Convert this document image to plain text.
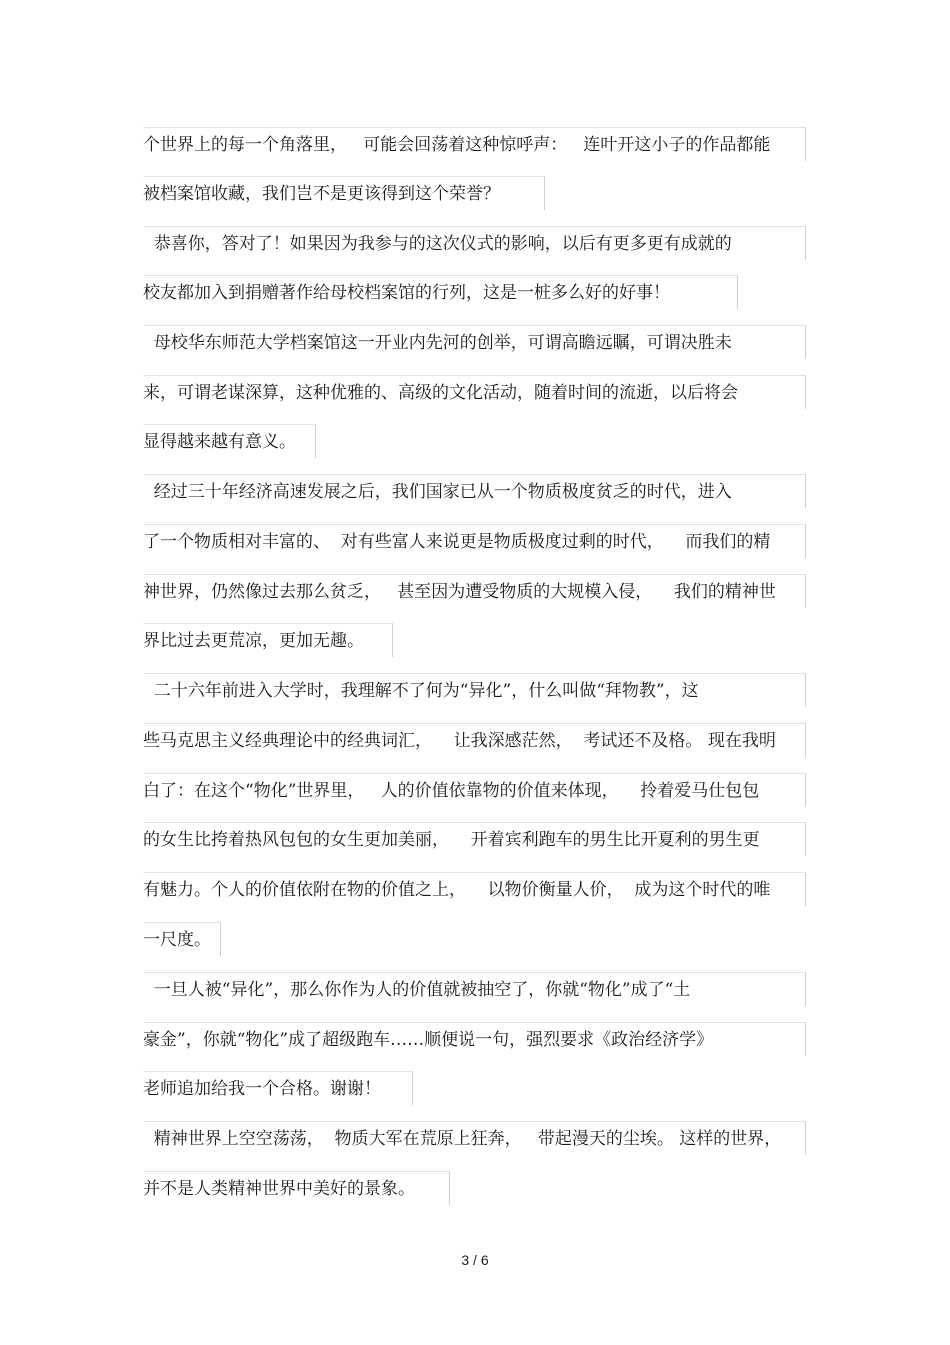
个世界上的每一个角落里，   可能会回荡着这种惊呼声：   连叶开这小子的作品都能
被档案馆收藏，我们岂不是更该得到这个荣誉？
恭喜你，答对了！如果因为我参与的这次仪式的影响，以后有更多更有成就的
校友都加入到捐赠著作给母校档案馆的行列，这是一桩多么好的好事！
母校华东师范大学档案馆这一开业内先河的创举，可谓高瞻远瞩，可谓决胜未
来，可谓老谋深算，这种优雅的、高级的文化活动，随着时间的流逝，以后将会
显得越来越有意义。
经过三十年经济高速发展之后，我们国家已从一个物质极度贫乏的时代，进入
了一个物质相对丰富的、  对有些富人来说更是物质极度过剩的时代，    而我们的精
神世界，仍然像过去那么贫乏，   甚至因为遭受物质的大规模入侵，    我们的精神世
界比过去更荒凉，更加无趣。
二十六年前进入大学时，我理解不了何为“异化”，什么叫做“拜物教”，这
些马克思主义经典理论中的经典词汇，    让我深感茫然，  考试还不及格。 现在我明
白了：在这个“物化”世界里，   人的价值依靠物的价值来体现，    拎着爱马仕包包
的女生比挎着热风包包的女生更加美丽，    开着宾利跑车的男生比开夏利的男生更
有魅力。个人的价值依附在物的价值之上，    以物价衡量人价，  成为这个时代的唯
一尺度。
一旦人被“异化”，那么你作为人的价值就被抽空了，你就“物化”成了“土
豪金”，你就“物化”成了超级跑车……顺便说一句，强烈要求《政治经济学》
老师追加给我一个合格。谢谢！
精神世界上空空荡荡，  物质大军在荒原上狂奔，   带起漫天的尘埃。 这样的世界，
并不是人类精神世界中美好的景象。
3 / 6
